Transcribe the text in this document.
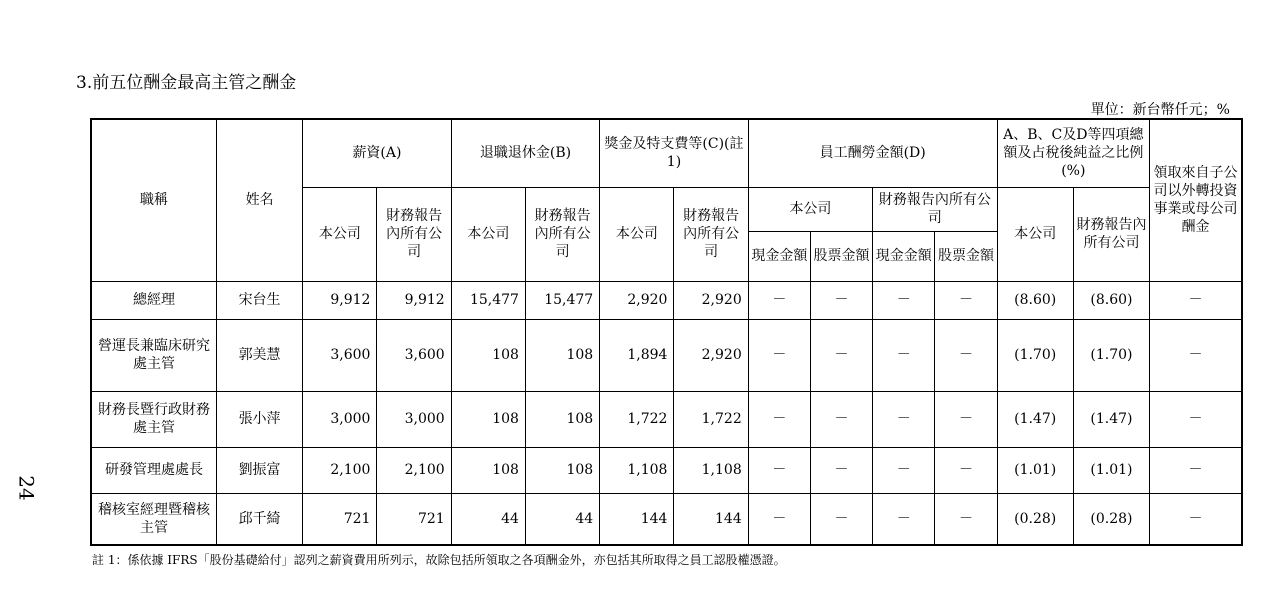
3.前五位酬金最高主管之酬金
單位：新台幣仟元；%
24
職稱	姓名	薪資(A)		退職退休金(B)		獎金及特支費等(C)(註 1)		員工酬勞金額(D)				A、B、C及D等四項總額及占稅後純益之比例(%)		領取來自子公司以外轉投資事業或母公司酬金
		本公司	財務報告內所有公司	本公司	財務報告內所有公司	本公司	財務報告內所有公司	本公司		財務報告內所有公司		本公司	財務報告內所有公司	
								現金金額	股票金額	現金金額	股票金額			
總經理	宋台生	9,912	9,912	15,477	15,477	2,920	2,920	－	－	－	－	(8.60)	(8.60)	－
營運長兼臨床研究處主管	郭美慧	3,600	3,600	108	108	1,894	2,920	－	－	－	－	(1.70)	(1.70)	－
財務長暨行政財務處主管	張小萍	3,000	3,000	108	108	1,722	1,722	－	－	－	－	(1.47)	(1.47)	－
研發管理處處長	劉振富	2,100	2,100	108	108	1,108	1,108	－	－	－	－	(1.01)	(1.01)	－
稽核室經理暨稽核主管	邱千綺	721	721	44	44	144	144	－	－	－	－	(0.28)	(0.28)	－
註 1：係依據 IFRS「股份基礎給付」認列之薪資費用所列示，故除包括所領取之各項酬金外，亦包括其所取得之員工認股權憑證。
